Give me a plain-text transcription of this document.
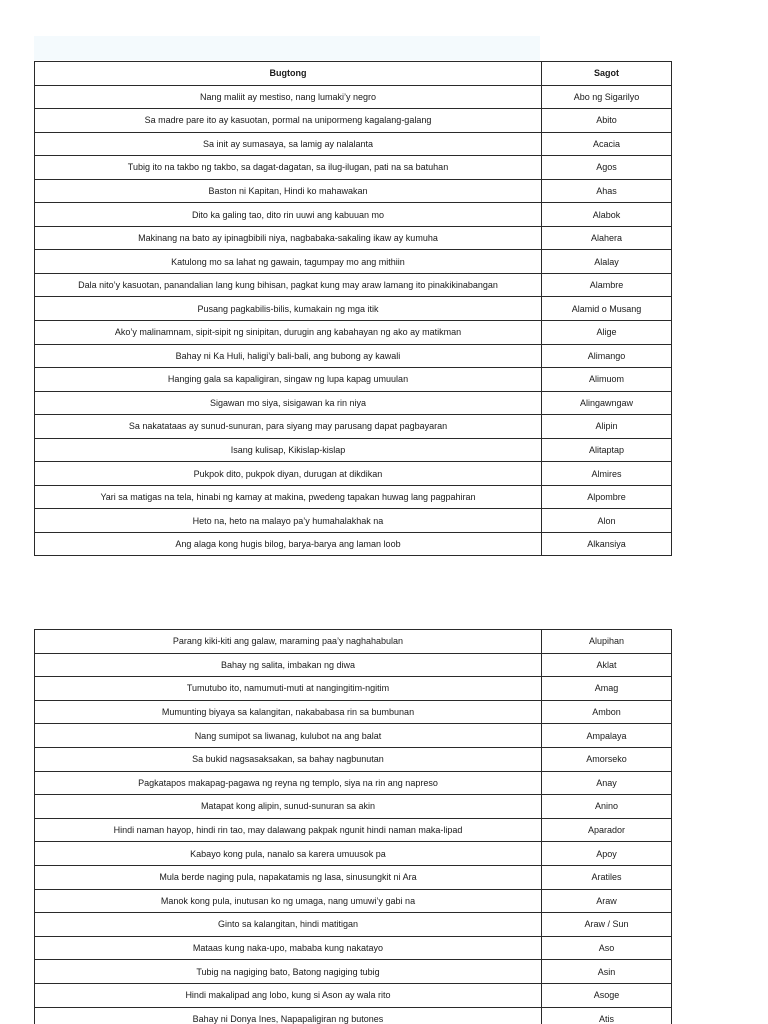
Bugtong	Sagot
Nang maliit ay mestiso, nang lumaki’y negro	Abo ng Sigarilyo
Sa madre pare ito ay kasuotan, pormal na unipormeng kagalang-galang	Abito
Sa init ay sumasaya, sa lamig ay nalalanta	Acacia
Tubig ito na takbo ng takbo, sa dagat-dagatan, sa ilug-ilugan, pati na sa batuhan	Agos
Baston ni Kapitan, Hindi ko mahawakan	Ahas
Dito ka galing tao, dito rin uuwi ang kabuuan mo	Alabok
Makinang na bato ay ipinagbibili niya, nagbabaka-sakaling ikaw ay kumuha	Alahera
Katulong mo sa lahat ng gawain, tagumpay mo ang mithiin	Alalay
Dala nito’y kasuotan, panandalian lang kung bihisan, pagkat kung may araw lamang ito pinakikinabangan	Alambre
Pusang pagkabilis-bilis, kumakain ng mga itik	Alamid o Musang
Ako’y malinamnam, sipit-sipit ng sinipitan, durugin ang kabahayan ng ako ay matikman	Alige
Bahay ni Ka Huli, haligi’y bali-bali, ang bubong ay kawali	Alimango
Hanging gala sa kapaligiran, singaw ng lupa kapag umuulan	Alimuom
Sigawan mo siya, sisigawan ka rin niya	Alingawngaw
Sa nakatataas ay sunud-sunuran, para siyang may parusang dapat pagbayaran	Alipin
Isang kulisap, Kikislap-kislap	Alitaptap
Pukpok dito, pukpok diyan, durugan at dikdikan	Almires
Yari sa matigas na tela, hinabi ng kamay at makina, pwedeng tapakan huwag lang pagpahiran	Alpombre
Heto na, heto na malayo pa’y humahalakhak na	Alon
Ang alaga kong hugis bilog, barya-barya ang laman loob	Alkansiya
Parang kiki-kiti ang galaw, maraming paa’y naghahabulan	Alupihan
Bahay ng salita, imbakan ng diwa	Aklat
Tumutubo ito, namumuti-muti at nangingitim-ngitim	Amag
Mumunting biyaya sa kalangitan, nakababasa rin sa bumbunan	Ambon
Nang sumipot sa liwanag, kulubot na ang balat	Ampalaya
Sa bukid nagsasaksakan, sa bahay nagbunutan	Amorseko
Pagkatapos makapag-pagawa ng reyna ng templo, siya na rin ang napreso	Anay
Matapat kong alipin, sunud-sunuran sa akin	Anino
Hindi naman hayop, hindi rin tao, may dalawang pakpak ngunit hindi naman maka-lipad	Aparador
Kabayo kong pula, nanalo sa karera umuusok pa	Apoy
Mula berde naging pula, napakatamis ng lasa, sinusungkit ni Ara	Aratiles
Manok kong pula, inutusan ko ng umaga, nang umuwi’y gabi na	Araw
Ginto sa kalangitan, hindi matitigan	Araw / Sun
Mataas kung naka-upo, mababa kung nakatayo	Aso
Tubig na nagiging bato, Batong nagiging tubig	Asin
Hindi makalipad ang lobo, kung si Ason ay wala rito	Asoge
Bahay ni Donya Ines, Napapaligiran ng butones	Atis
